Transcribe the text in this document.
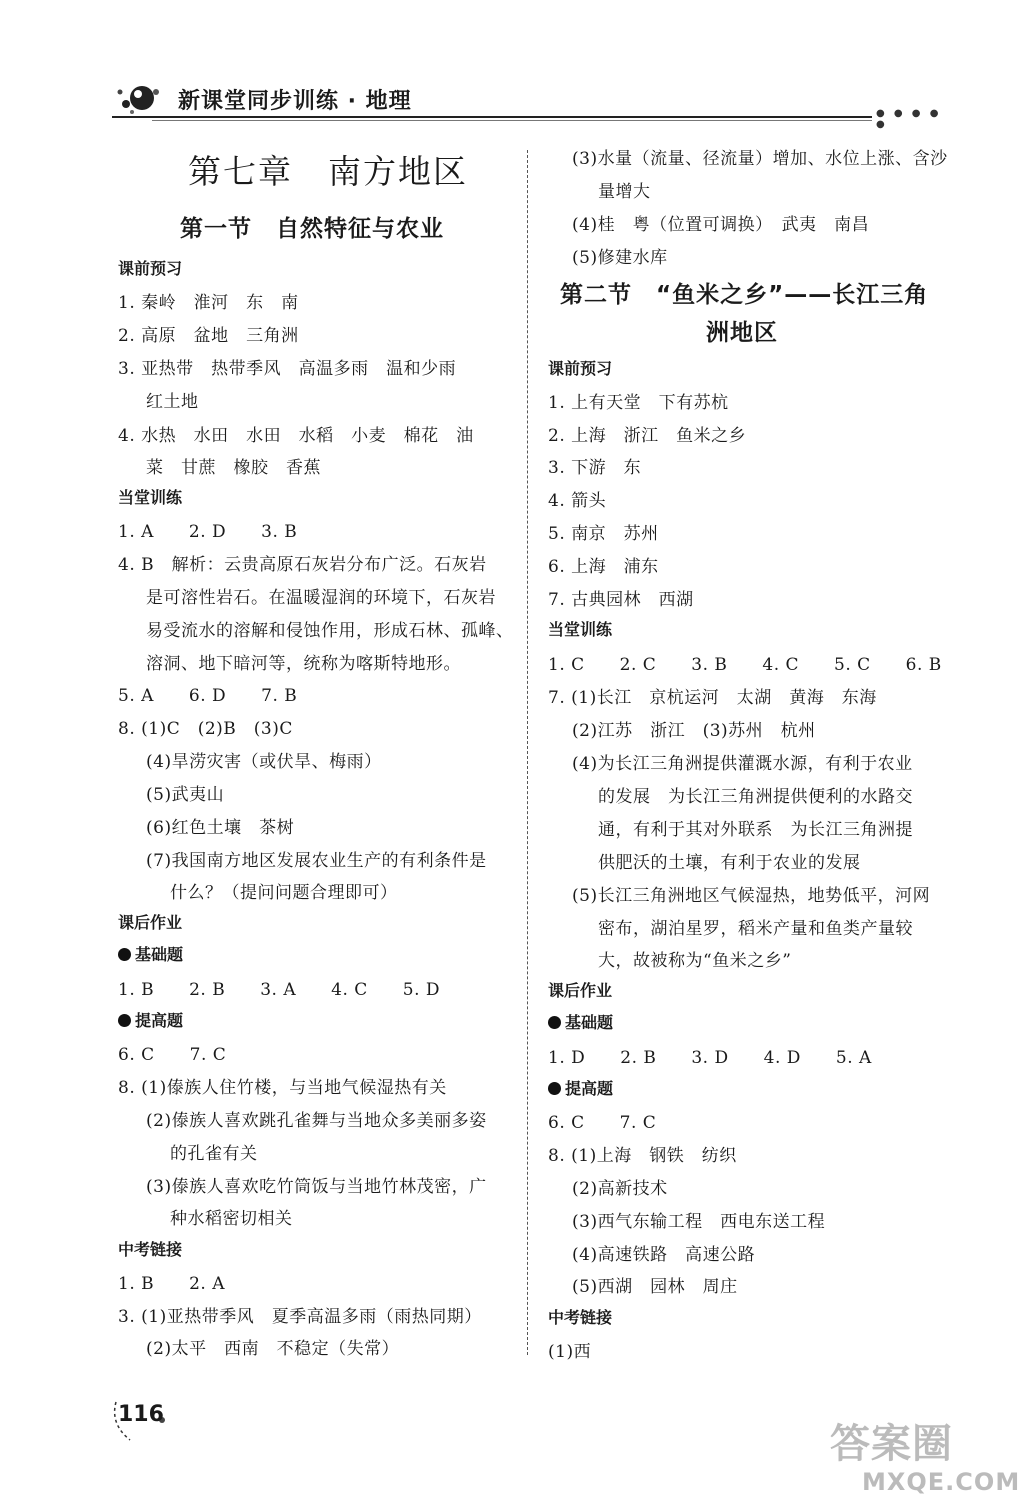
新课堂同步训练 · 地理	● ● ● ● ●
第七章　南方地区
第一节　自然特征与农业
课前预习
1. 秦岭　淮河　东　南
2. 高原　盆地　三角洲
3. 亚热带　热带季风　高温多雨　温和少雨
红土地
4. 水热　水田　水田　水稻　小麦　棉花　油
菜　甘蔗　橡胶　香蕉
当堂训练
1. A　　2. D　　3. B
4. B　解析：云贵高原石灰岩分布广泛。石灰岩
是可溶性岩石。在温暖湿润的环境下，石灰岩
易受流水的溶解和侵蚀作用，形成石林、孤峰、
溶洞、地下暗河等，统称为喀斯特地形。
5. A　　6. D　　7. B
8. (1)C　(2)B　(3)C
(4)旱涝灾害（或伏旱、梅雨）
(5)武夷山
(6)红色土壤　茶树
(7)我国南方地区发展农业生产的有利条件是
什么？（提问问题合理即可）
课后作业
基础题
1. B　　2. B　　3. A　　4. C　　5. D
提高题
6. C　　7. C
8. (1)傣族人住竹楼，与当地气候湿热有关
(2)傣族人喜欢跳孔雀舞与当地众多美丽多姿
的孔雀有关
(3)傣族人喜欢吃竹筒饭与当地竹林茂密，广
种水稻密切相关
中考链接
1. B　　2. A
3. (1)亚热带季风　夏季高温多雨（雨热同期）
(2)太平　西南　不稳定（失常）
(3)水量（流量、径流量）增加、水位上涨、含沙
量增大
(4)桂　粤（位置可调换）　武夷　南昌
(5)修建水库
第二节　“鱼米之乡”——长江三角
洲地区
课前预习
1. 上有天堂　下有苏杭
2. 上海　浙江　鱼米之乡
3. 下游　东
4. 箭头
5. 南京　苏州
6. 上海　浦东
7. 古典园林　西湖
当堂训练
1. C　　2. C　　3. B　　4. C　　5. C　　6. B
7. (1)长江　京杭运河　太湖　黄海　东海
(2)江苏　浙江　(3)苏州　杭州
(4)为长江三角洲提供灌溉水源，有利于农业
的发展　为长江三角洲提供便利的水路交
通，有利于其对外联系　为长江三角洲提
供肥沃的土壤，有利于农业的发展
(5)长江三角洲地区气候湿热，地势低平，河网
密布，湖泊星罗，稻米产量和鱼类产量较
大，故被称为“鱼米之乡”
课后作业
基础题
1. D　　2. B　　3. D　　4. D　　5. A
提高题
6. C　　7. C
8. (1)上海　钢铁　纺织
(2)高新技术
(3)西气东输工程　西电东送工程
(4)高速铁路　高速公路
(5)西湖　园林　周庄
中考链接
(1)西
116
答案圈
MXQE.COM
